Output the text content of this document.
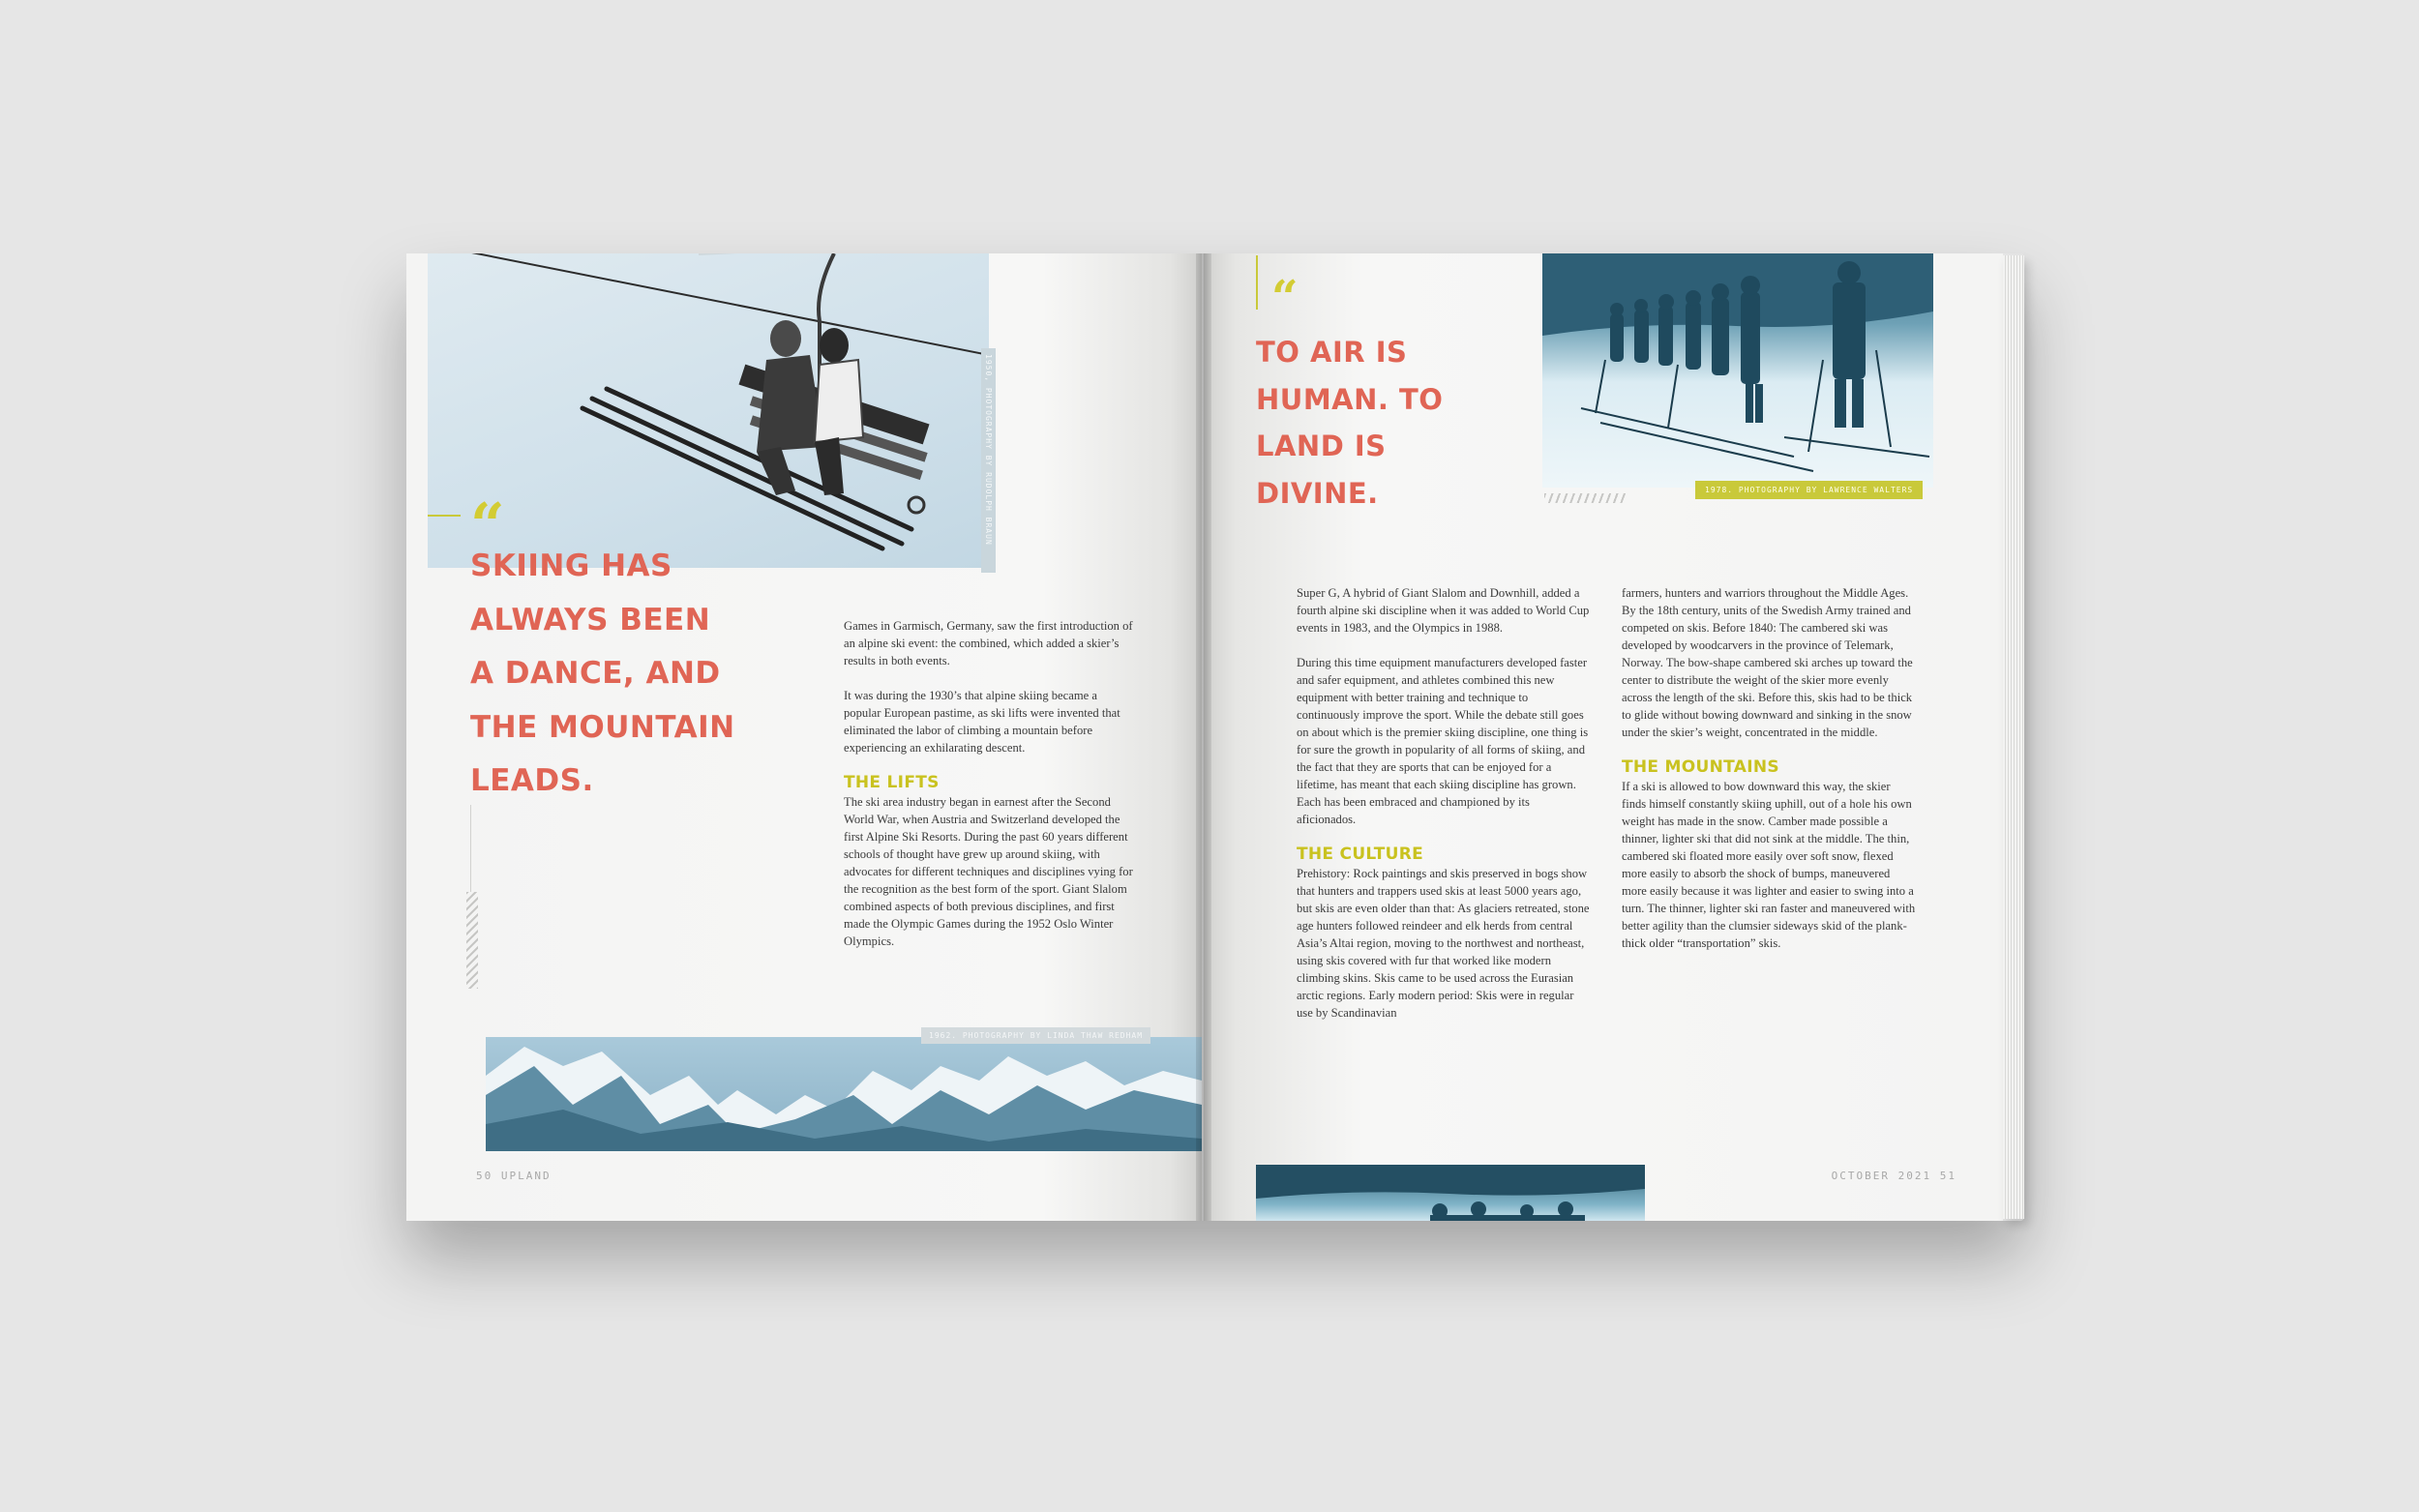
1950, PHOTOGRAPHY BY RUDOLPH BRAUN
“
SKIING HAS
ALWAYS BEEN
A DANCE, AND
THE MOUNTAIN
LEADS.

Games in Garmisch, Germany, saw the first introduction of an alpine ski event: the combined, which added a skier’s results in both events.

It was during the 1930’s that alpine skiing became a popular European pastime, as ski lifts were invented that eliminated the labor of climbing a mountain before experiencing an exhilarating descent.

THE LIFTS

The ski area industry began in earnest after the Second World War, when Austria and Switzerland developed the first Alpine Ski Resorts. During the past 60 years different schools of thought have grew up around skiing, with advocates for different techniques and disciplines vying for the recognition as the best form of the sport. Giant Slalom combined aspects of both previous disciplines, and first made the Olympic Games during the 1952 Oslo Winter Olympics.

1962. PHOTOGRAPHY BY LINDA THAW REDHAM
50 UPLAND
“
TO AIR IS
HUMAN. TO
LAND IS
DIVINE.	1978. PHOTOGRAPHY BY LAWRENCE WALTERS

Super G, A hybrid of Giant Slalom and Downhill, added a fourth alpine ski discipline when it was added to World Cup events in 1983, and the Olympics in 1988.

During this time equipment manufacturers developed faster and safer equipment, and athletes combined this new equipment with better training and technique to continuously improve the sport. While the debate still goes on about which is the premier skiing discipline, one thing is for sure the growth in popularity of all forms of skiing, and the fact that they are sports that can be enjoyed for a lifetime, has meant that each skiing discipline has grown. Each has been embraced and championed by its aficionados.

THE CULTURE

Prehistory: Rock paintings and skis preserved in bogs show that hunters and trappers used skis at least 5000 years ago, but skis are even older than that: As glaciers retreated, stone age hunters followed reindeer and elk herds from central Asia’s Altai region, moving to the northwest and northeast, using skis covered with fur that worked like modern climbing skins. Skis came to be used across the Eurasian arctic regions. Early modern period: Skis were in regular use by Scandinavian

farmers, hunters and warriors throughout the Middle Ages. By the 18th century, units of the Swedish Army trained and competed on skis. Before 1840: The cambered ski was developed by woodcarvers in the province of Telemark, Norway. The bow-shape cambered ski arches up toward the center to distribute the weight of the skier more evenly across the length of the ski. Before this, skis had to be thick to glide without bowing downward and sinking in the snow under the skier’s weight, concentrated in the middle.

THE MOUNTAINS

If a ski is allowed to bow downward this way, the skier finds himself constantly skiing uphill, out of a hole his own weight has made in the snow. Camber made possible a thinner, lighter ski that did not sink at the middle. The thin, cambered ski floated more easily over soft snow, flexed more easily to absorb the shock of bumps, maneuvered more easily because it was lighter and easier to swing into a turn. The thinner, lighter ski ran faster and maneuvered with better agility than the clumsier sideways skid of the plank-thick older “transportation” skis.

OCTOBER 2021 51
